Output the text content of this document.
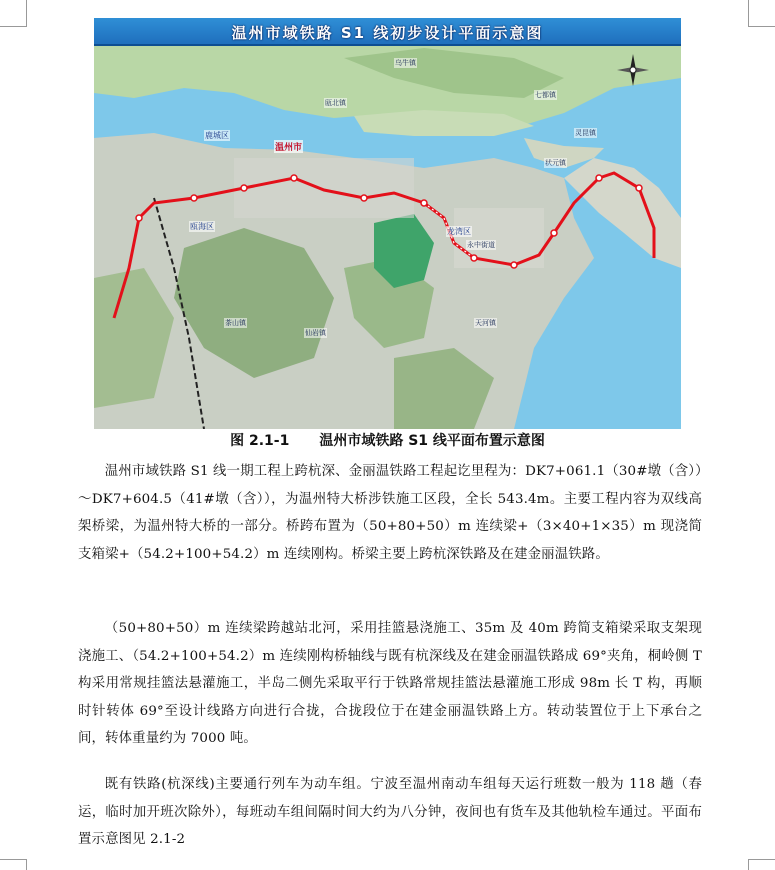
温州市域铁路 S1 线初步设计平面示意图
温州市
鹿城区
瓯海区
龙湾区
乌牛镇
七都镇
瓯北镇
状元镇
永中街道
仙岩镇
茶山镇	天河镇
灵昆镇
图 2.1-1 温州市域铁路 S1 线平面布置示意图

温州市域铁路 S1 线一期工程上跨杭深、金丽温铁路工程起讫里程为：DK7+061.1（30#墩（含））～DK7+604.5（41#墩（含）），为温州特大桥涉铁施工区段，全长 543.4m。主要工程内容为双线高架桥梁，为温州特大桥的一部分。桥跨布置为（50+80+50）m 连续梁+（3×40+1×35）m 现浇简支箱梁+（54.2+100+54.2）m 连续刚构。桥梁主要上跨杭深铁路及在建金丽温铁路。

（50+80+50）m 连续梁跨越站北河，采用挂篮悬浇施工、35m 及 40m 跨简支箱梁采取支架现浇施工、（54.2+100+54.2）m 连续刚构桥轴线与既有杭深线及在建金丽温铁路成 69°夹角，桐岭侧 T 构采用常规挂篮法悬灌施工，半岛二侧先采取平行于铁路常规挂篮法悬灌施工形成 98m 长 T 构，再顺时针转体 69°至设计线路方向进行合拢，合拢段位于在建金丽温铁路上方。转动装置位于上下承台之间，转体重量约为 7000 吨。

既有铁路(杭深线)主要通行列车为动车组。宁波至温州南动车组每天运行班数一般为 118 趟（春运，临时加开班次除外），每班动车组间隔时间大约为八分钟，夜间也有货车及其他轨检车通过。平面布置示意图见 2.1-2
